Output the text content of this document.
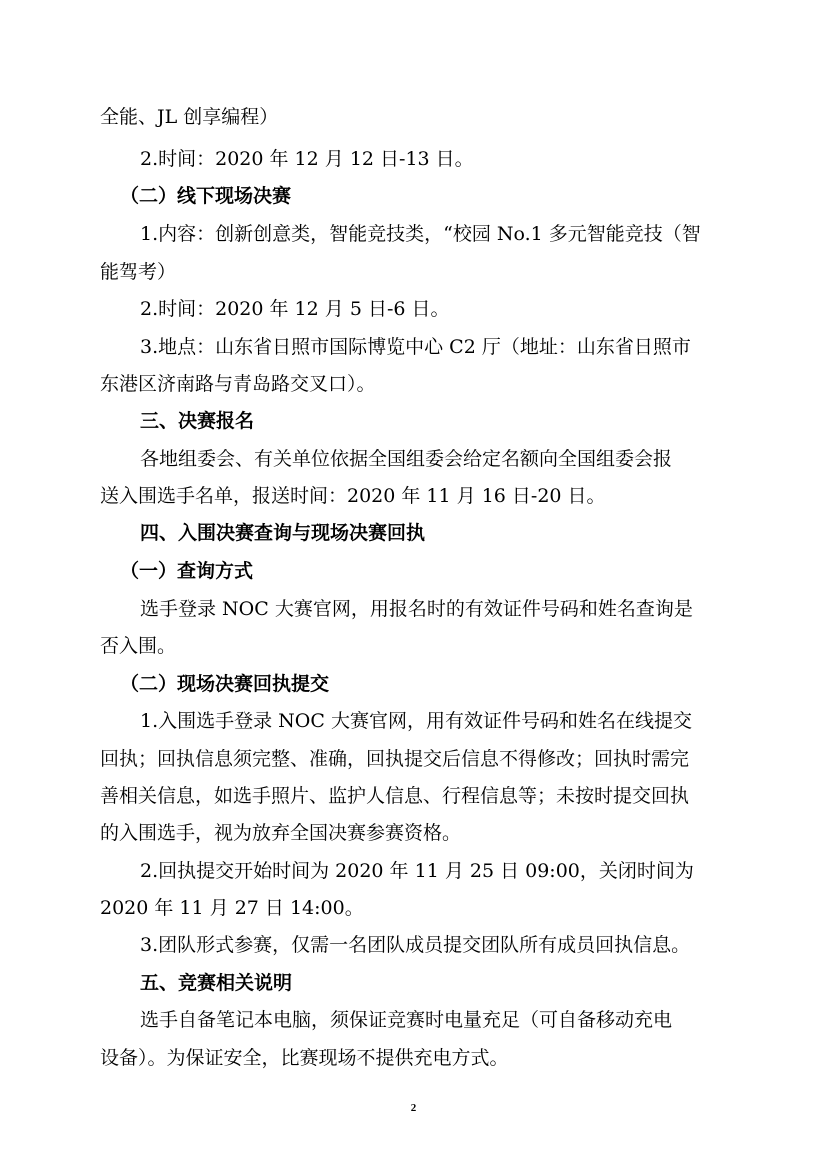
全能、JL 创享编程）
2.时间：2020 年 12 月 12 日-13 日。
（二）线下现场决赛
1.内容：创新创意类，智能竞技类，“校园 No.1 多元智能竞技（智
能驾考）
2.时间：2020 年 12 月 5 日-6 日。
3.地点：山东省日照市国际博览中心 C2 厅（地址：山东省日照市
东港区济南路与青岛路交叉口）。
三、决赛报名
各地组委会、有关单位依据全国组委会给定名额向全国组委会报
送入围选手名单，报送时间：2020 年 11 月 16 日-20 日。
四、入围决赛查询与现场决赛回执
（一）查询方式
选手登录 NOC 大赛官网，用报名时的有效证件号码和姓名查询是
否入围。
（二）现场决赛回执提交
1.入围选手登录 NOC 大赛官网，用有效证件号码和姓名在线提交
回执；回执信息须完整、准确，回执提交后信息不得修改；回执时需完
善相关信息，如选手照片、监护人信息、行程信息等；未按时提交回执
的入围选手，视为放弃全国决赛参赛资格。
2.回执提交开始时间为 2020 年 11 月 25 日 09:00，关闭时间为
2020 年 11 月 27 日 14:00。
3.团队形式参赛，仅需一名团队成员提交团队所有成员回执信息。
五、竞赛相关说明
选手自备笔记本电脑，须保证竞赛时电量充足（可自备移动充电
设备）。为保证安全，比赛现场不提供充电方式。
2
